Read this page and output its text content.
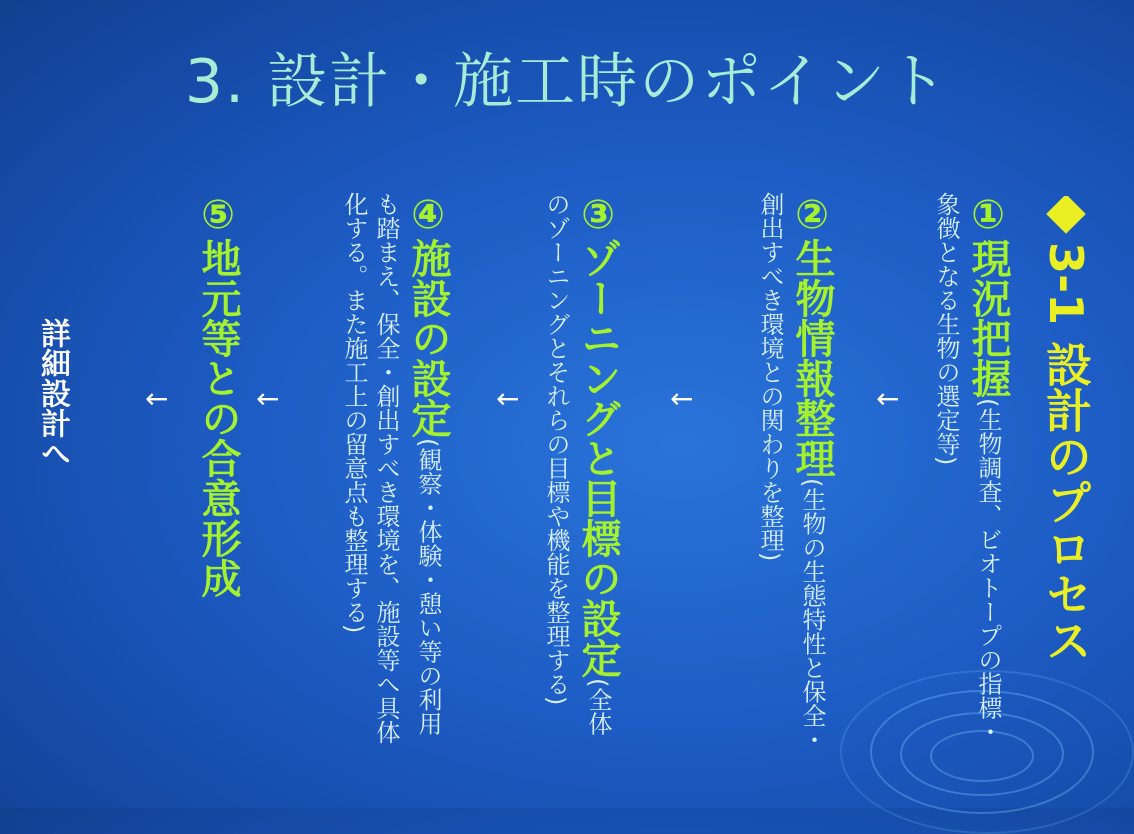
3. 設計・施工時のポイント
3-1 設計のプロセス
①現況把握(生物調査、ビオトープの指標・象徴となる生物の選定等)
←
②生物情報整理(生物の生態特性と保全・創出すべき環境との関わりを整理)
←
③ゾーニングと目標の設定(全体のゾーニングとそれらの目標や機能を整理する)
←
④施設の設定(観察・体験・憩い等の利用も踏まえ、保全・創出すべき環境を、施設等へ具体化する。また施工上の留意点も整理する)
←
⑤地元等との合意形成
←
詳細設計へ
